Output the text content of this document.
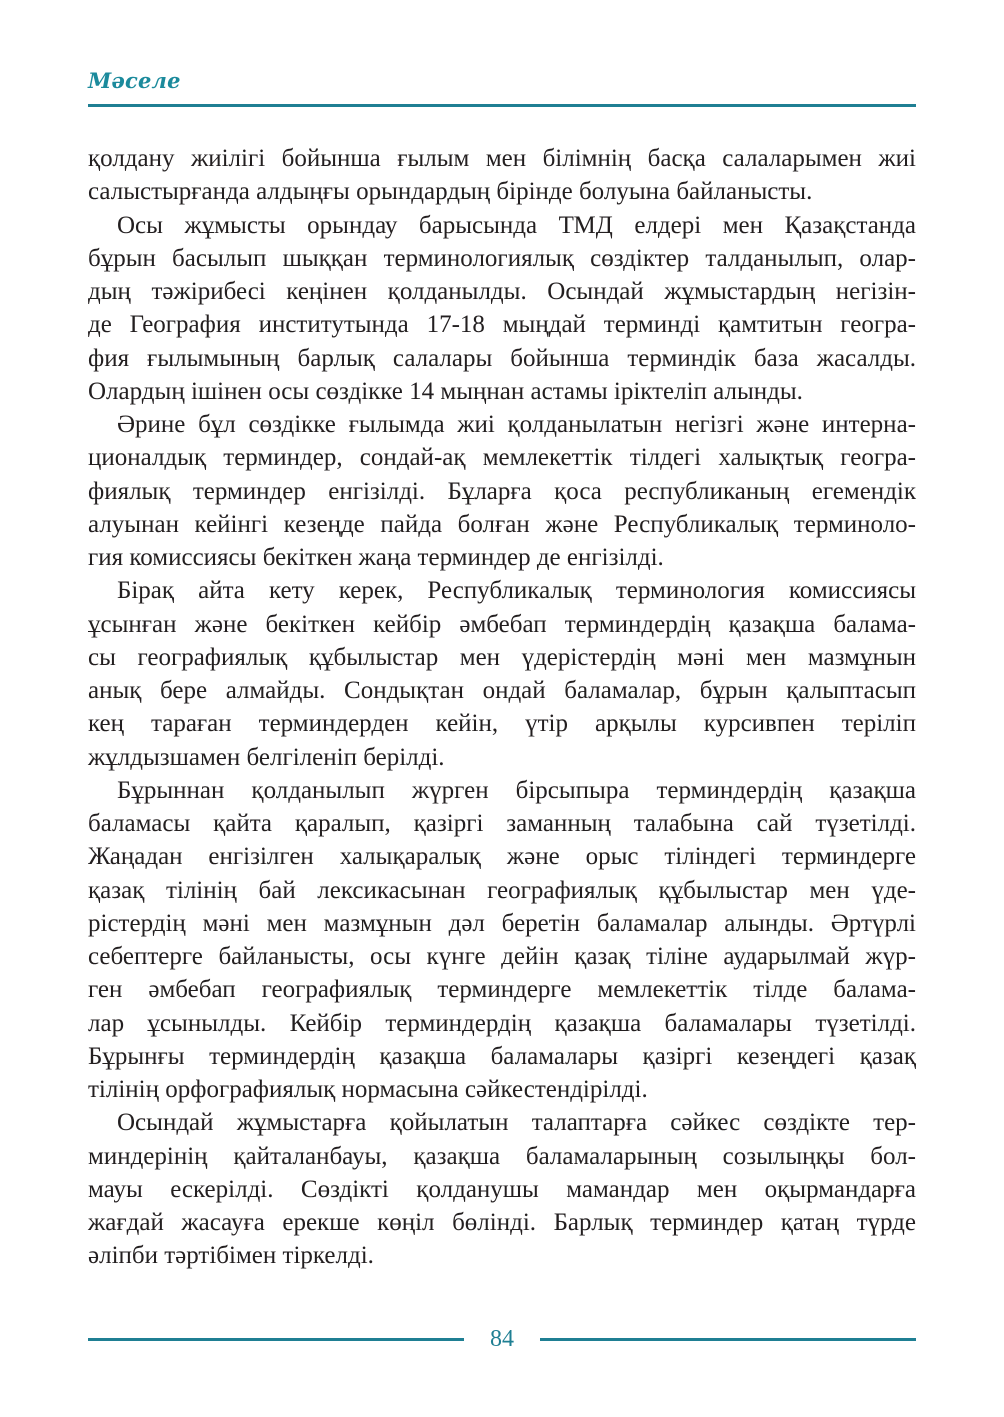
Мәселе
қолдану жиілігі бойынша ғылым мен білімнің басқа салаларымен жиі
салыстырғанда алдыңғы орындардың бірінде болуына байланысты.
Осы жұмысты орындау барысында ТМД елдері мен Қазақстанда
бұрын басылып шыққан терминологиялық сөздіктер талданылып, олар-
дың тәжірибесі кеңінен қолданылды. Осындай жұмыстардың негізін-
де География институтында 17-18 мыңдай терминді қамтитын геогра-
фия ғылымының барлық салалары бойынша терминдік база жасалды.
Олардың ішінен осы сөздікке 14 мыңнан астамы іріктеліп алынды.
Әрине бұл сөздікке ғылымда жиі қолданылатын негізгі және интерна-
ционалдық терминдер, сондай-ақ мемлекеттік тілдегі халықтық геогра-
фиялық терминдер енгізілді. Бұларға қоса республиканың егемендік
алуынан кейінгі кезеңде пайда болған және Республикалық терминоло-
гия комиссиясы бекіткен жаңа терминдер де енгізілді.
Бірақ айта кету керек, Республикалық терминология комиссиясы
ұсынған және бекіткен кейбір әмбебап терминдердің қазақша балама-
сы географиялық құбылыстар мен үдерістердің мәні мен мазмұнын
анық бере алмайды. Сондықтан ондай баламалар, бұрын қалыптасып
кең тараған терминдерден кейін, үтір арқылы курсивпен теріліп
жұлдызшамен белгіленіп берілді.
Бұрыннан қолданылып жүрген бірсыпыра терминдердің қазақша
баламасы қайта қаралып, қазіргі заманның талабына сай түзетілді.
Жаңадан енгізілген халықаралық және орыс тіліндегі терминдерге
қазақ тілінің бай лексикасынан географиялық құбылыстар мен үде-
рістердің мәні мен мазмұнын дәл беретін баламалар алынды. Әртүрлі
себептерге байланысты, осы күнге дейін қазақ тіліне аударылмай жүр-
ген әмбебап географиялық терминдерге мемлекеттік тілде балама-
лар ұсынылды. Кейбір терминдердің қазақша баламалары түзетілді.
Бұрынғы терминдердің қазақша баламалары қазіргі кезеңдегі қазақ
тілінің орфографиялық нормасына сәйкестендірілді.
Осындай жұмыстарға қойылатын талаптарға сәйкес сөздікте тер-
миндерінің қайталанбауы, қазақша баламаларының созылыңқы бол-
мауы ескерілді. Сөздікті қолданушы мамандар мен оқырмандарға
жағдай жасауға ерекше көңіл бөлінді. Барлық терминдер қатаң түрде
әліпби тәртібімен тіркелді.
84
